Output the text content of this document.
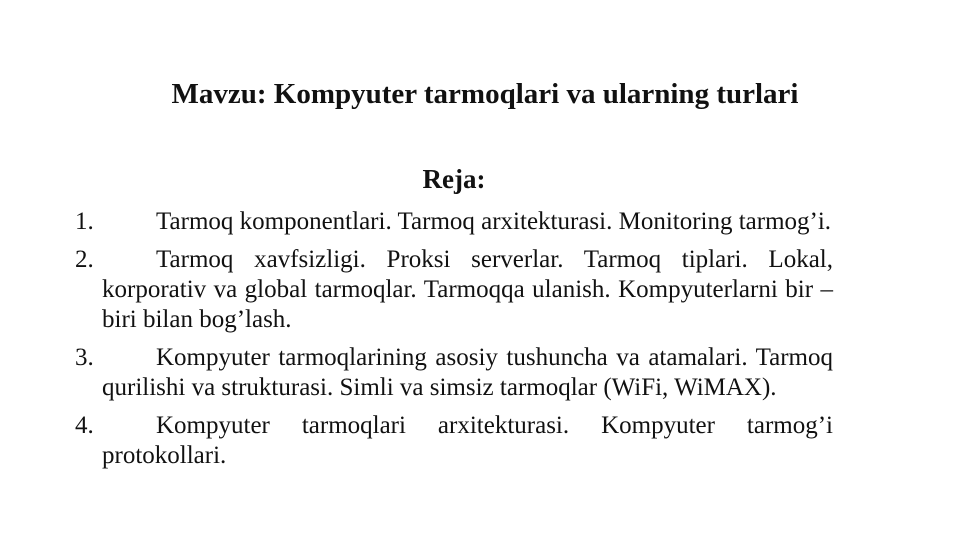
Mavzu: Kompyuter tarmoqlari va ularning turlari
Reja:
1.	Tarmoq komponentlari. Tarmoq arxitekturasi. Monitoring tarmog’i.
2.	Tarmoq xavfsizligi. Proksi serverlar. Tarmoq tiplari. Lokal, korporativ va global tarmoqlar. Tarmoqqa ulanish. Kompyuterlarni bir – biri bilan bog’lash.
3.	Kompyuter tarmoqlarining asosiy tushuncha va atamalari. Tarmoq qurilishi va strukturasi. Simli va simsiz tarmoqlar (WiFi, WiMAX).
4.	Kompyuter tarmoqlari arxitekturasi. Kompyuter tarmog’i protokollari.
